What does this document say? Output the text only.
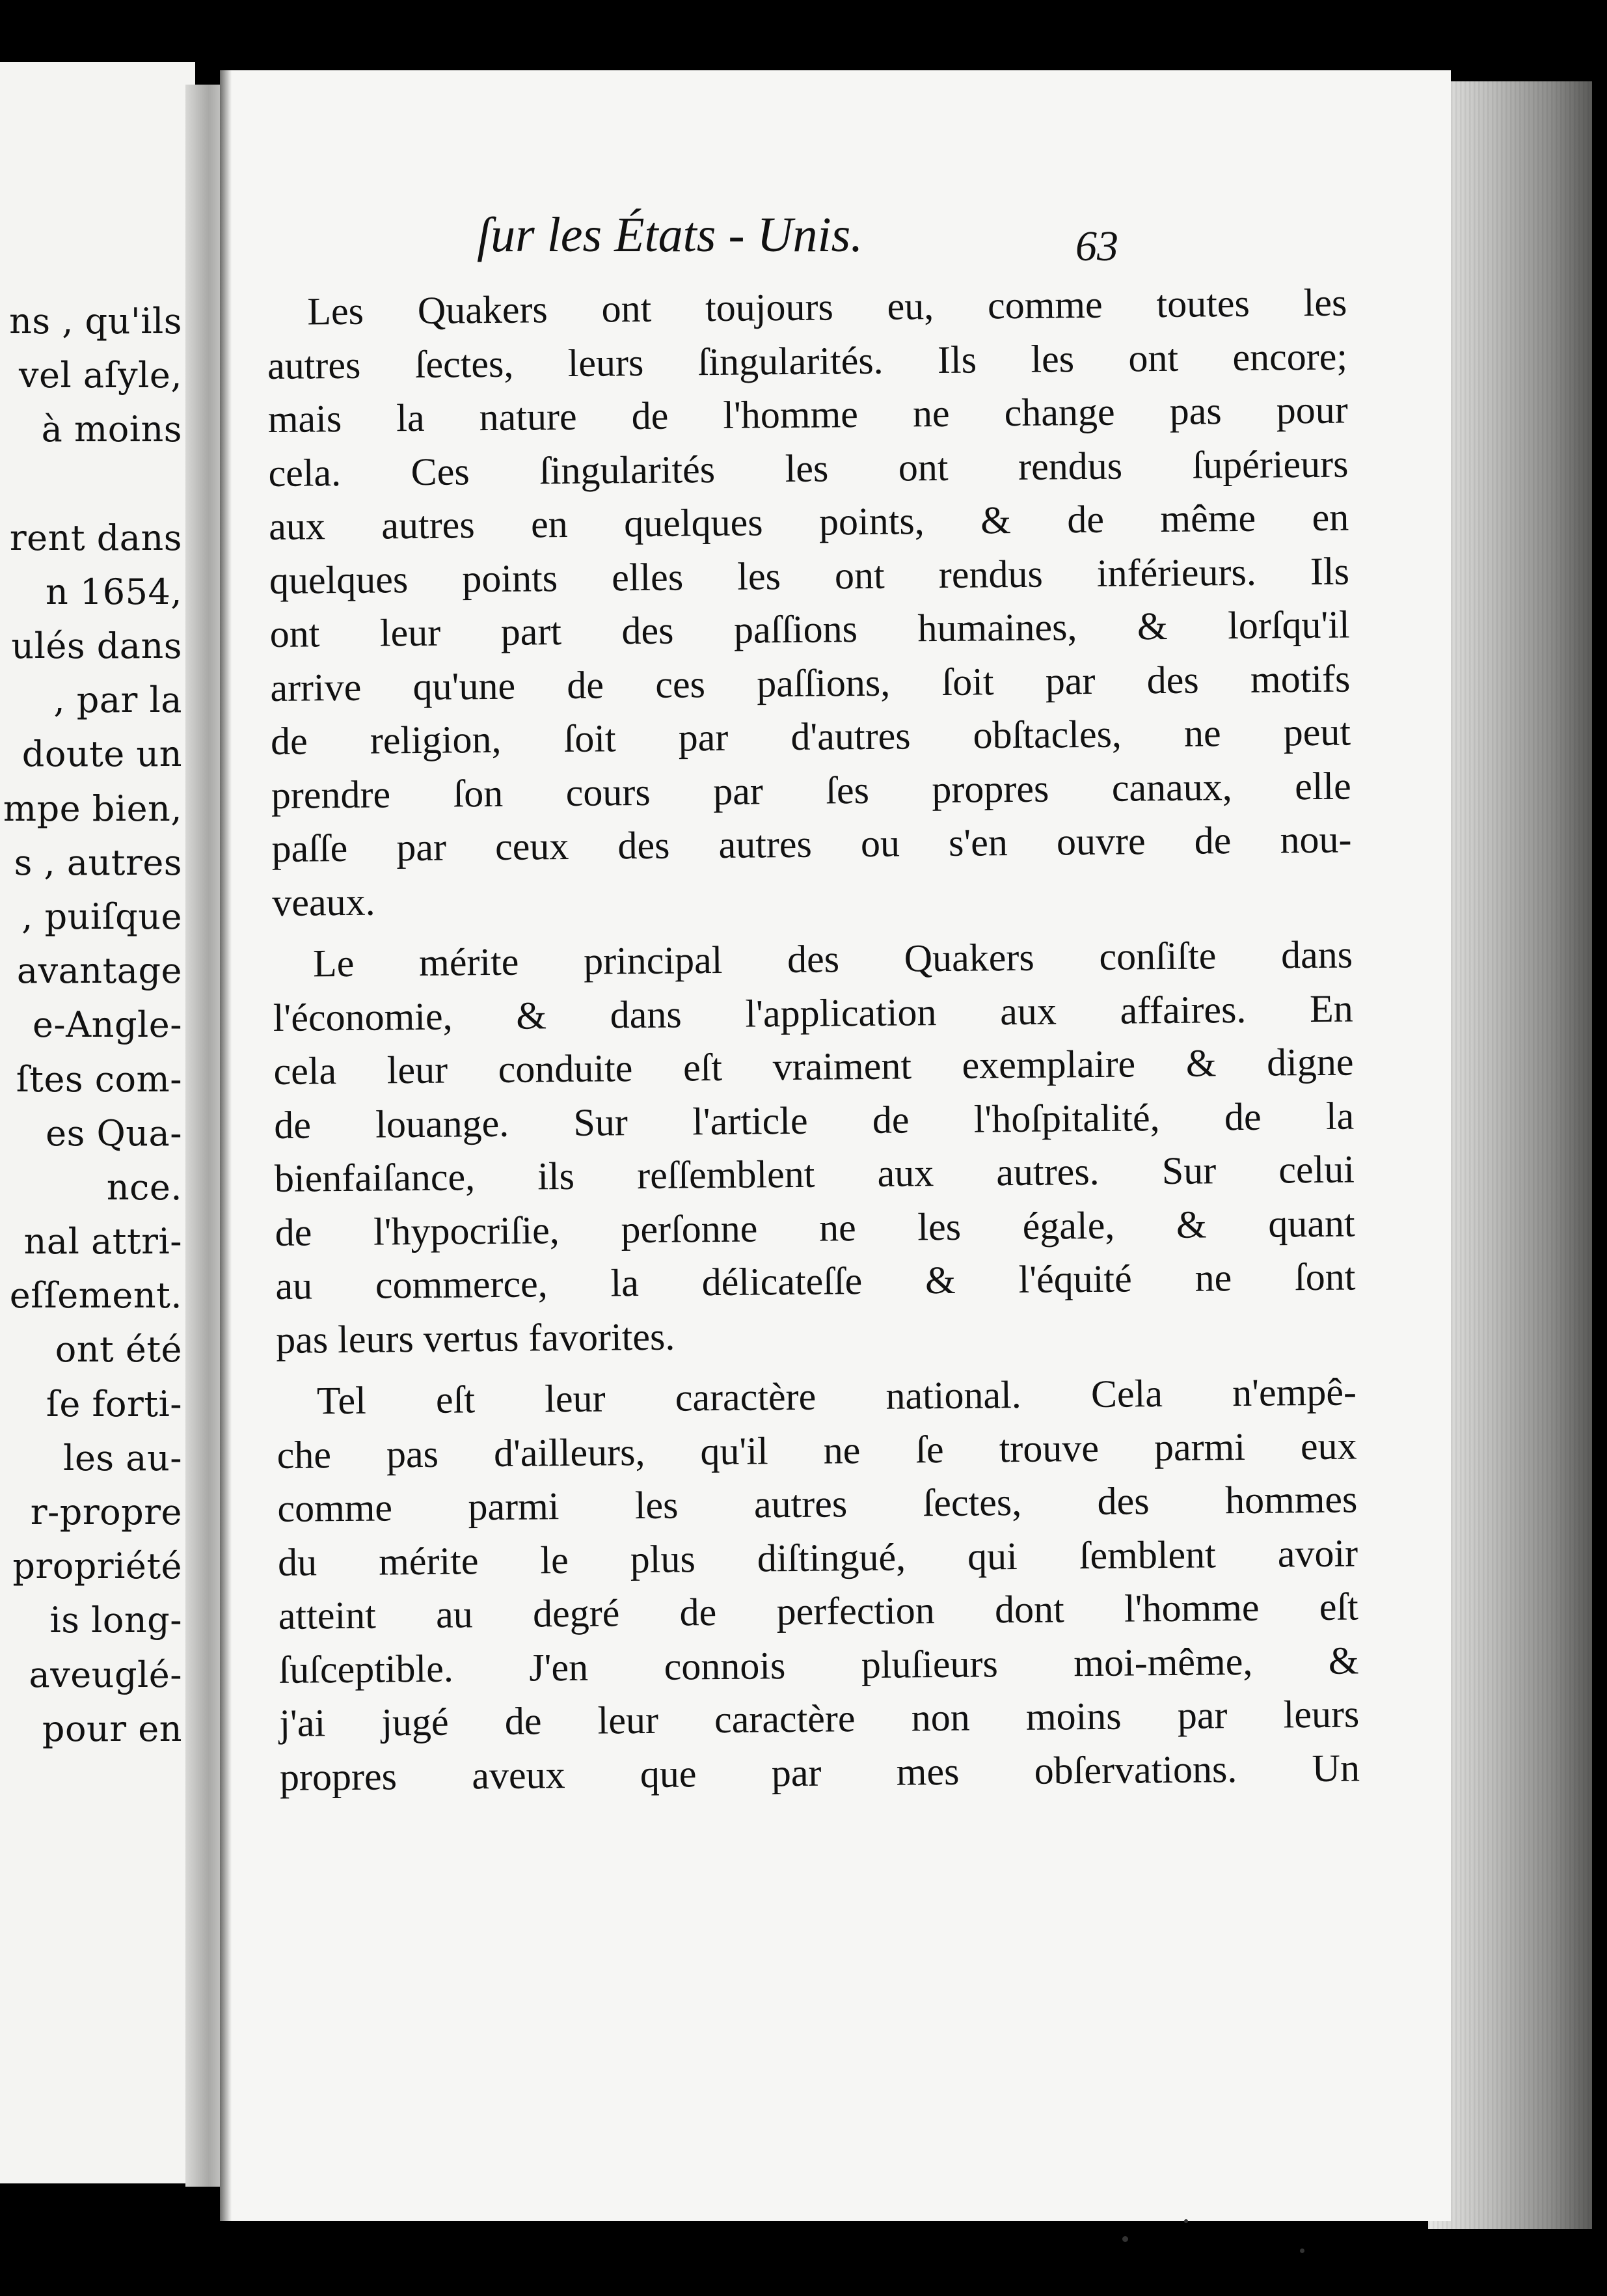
ns , qu'ils
vel aſyle,
à moins
rent dans
n 1654,
ulés dans
, par la
doute un
mpe bien,
s , autres
, puiſque
avantage
e-Angle-
ſtes com-
es Qua-
nce.
nal attri-
eſſement.
ont été
ſe forti-
les au-
r-propre
propriété
is long-
aveuglé-
pour en
ſur les États - Unis.	63
Les Quakers ont toujours eu, comme toutes les
autres ſectes, leurs ſingularités. Ils les ont encore;
mais la nature de l'homme ne change pas pour
cela. Ces ſingularités les ont rendus ſupérieurs
aux autres en quelques points, & de même en
quelques points elles les ont rendus inférieurs. Ils
ont leur part des paſſions humaines, & lorſqu'il
arrive qu'une de ces paſſions, ſoit par des motifs
de religion, ſoit par d'autres obſtacles, ne peut
prendre ſon cours par ſes propres canaux, elle
paſſe par ceux des autres ou s'en ouvre de nou-
veaux.
Le mérite principal des Quakers conſiſte dans
l'économie, & dans l'application aux affaires. En
cela leur conduite eſt vraiment exemplaire & digne
de louange. Sur l'article de l'hoſpitalité, de la
bienfaiſance, ils reſſemblent aux autres. Sur celui
de l'hypocriſie, perſonne ne les égale, & quant
au commerce, la délicateſſe & l'équité ne ſont
pas leurs vertus favorites.
Tel eſt leur caractère national. Cela n'empê-
che pas d'ailleurs, qu'il ne ſe trouve parmi eux
comme parmi les autres ſectes, des hommes
du mérite le plus diſtingué, qui ſemblent avoir
atteint au degré de perfection dont l'homme eſt
ſuſceptible. J'en connois pluſieurs moi-même, &
j'ai jugé de leur caractère non moins par leurs
propres aveux que par mes obſervations. Un
